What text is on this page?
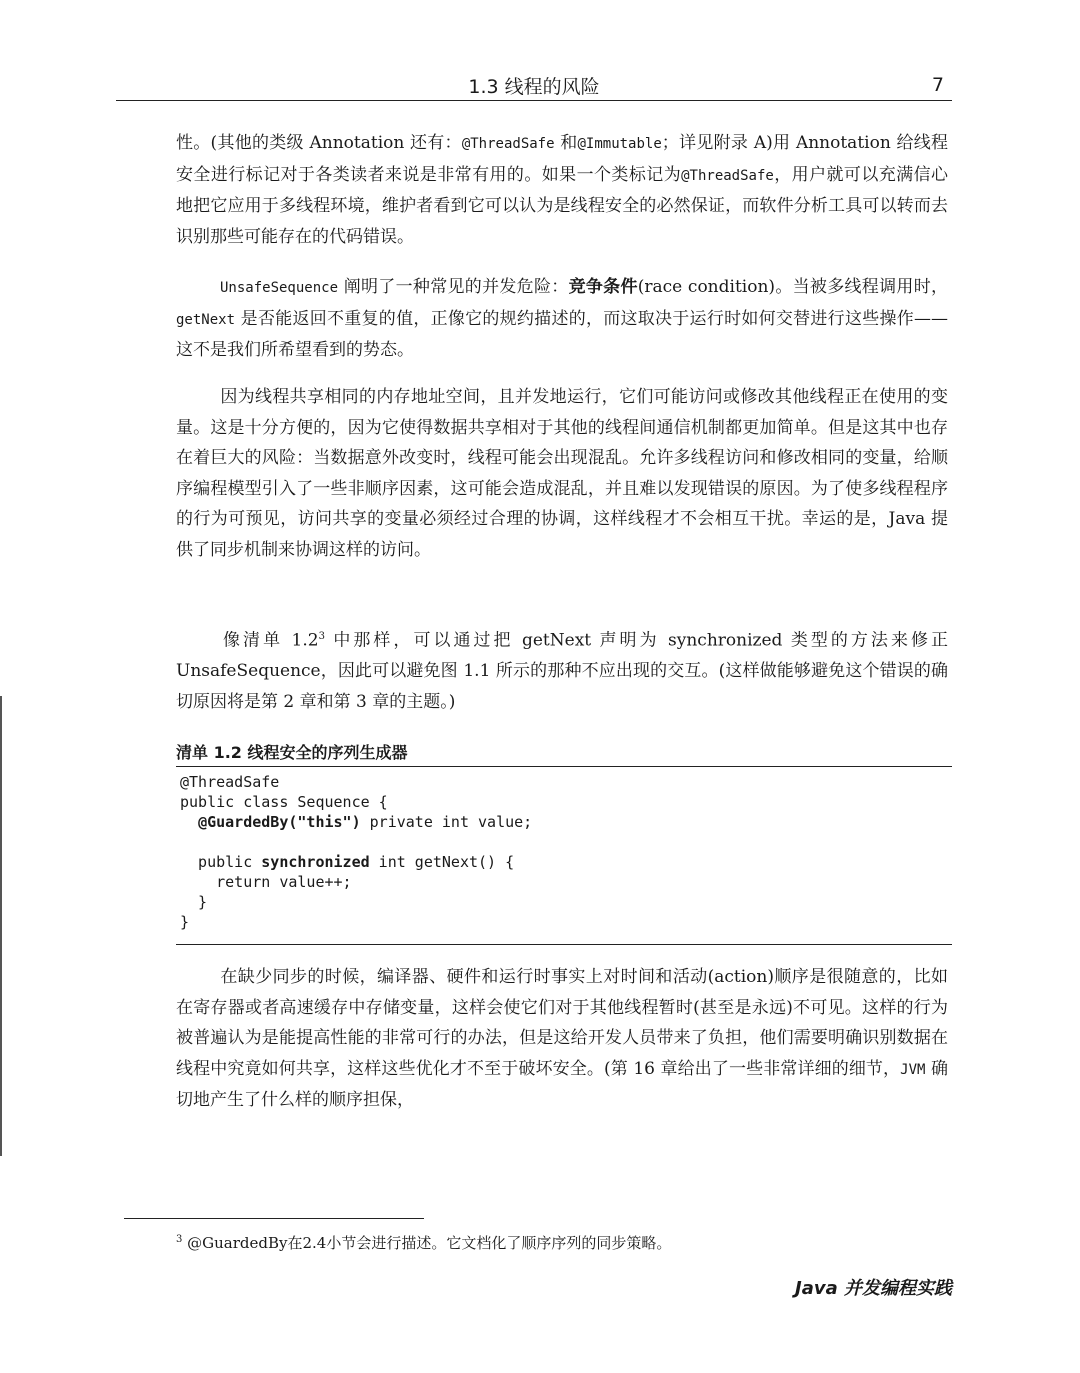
1.3 线程的风险	7

性。(其他的类级 Annotation 还有：@ThreadSafe 和@Immutable；详见附录 A)用 Annotation 给线程安全进行标记对于各类读者来说是非常有用的。如果一个类标记为@ThreadSafe，用户就可以充满信心地把它应用于多线程环境，维护者看到它可以认为是线程安全的必然保证，而软件分析工具可以转而去识别那些可能存在的代码错误。

UnsafeSequence 阐明了一种常见的并发危险：竞争条件(race condition)。当被多线程调用时，getNext 是否能返回不重复的值，正像它的规约描述的，而这取决于运行时如何交替进行这些操作——这不是我们所希望看到的势态。

因为线程共享相同的内存地址空间，且并发地运行，它们可能访问或修改其他线程正在使用的变量。这是十分方便的，因为它使得数据共享相对于其他的线程间通信机制都更加简单。但是这其中也存在着巨大的风险：当数据意外改变时，线程可能会出现混乱。允许多线程访问和修改相同的变量，给顺序编程模型引入了一些非顺序因素，这可能会造成混乱，并且难以发现错误的原因。为了使多线程程序的行为可预见，访问共享的变量必须经过合理的协调，这样线程才不会相互干扰。幸运的是，Java 提供了同步机制来协调这样的访问。

像清单 $1.2^3$ 中那样，可以通过把 getNext 声明为 synchronized 类型的方法来修正 UnsafeSequence，因此可以避免图 1.1 所示的那种不应出现的交互。(这样做能够避免这个错误的确切原因将是第 2 章和第 3 章的主题。)

清单 1.2 线程安全的序列生成器
@ThreadSafe
public class Sequence {
@GuardedBy("this") private int value;
public synchronized int getNext() {
return value++;
}
}

在缺少同步的时候，编译器、硬件和运行时事实上对时间和活动(action)顺序是很随意的，比如在寄存器或者高速缓存中存储变量，这样会使它们对于其他线程暂时(甚至是永远)不可见。这样的行为被普遍认为是能提高性能的非常可行的办法，但是这给开发人员带来了负担，他们需要明确识别数据在线程中究竟如何共享，这样这些优化才不至于破坏安全。(第 16 章给出了一些非常详细的细节，JVM 确切地产生了什么样的顺序担保，

$^3$ @GuardedBy在2.4小节会进行描述。它文档化了顺序序列的同步策略。
Java 并发编程实践
